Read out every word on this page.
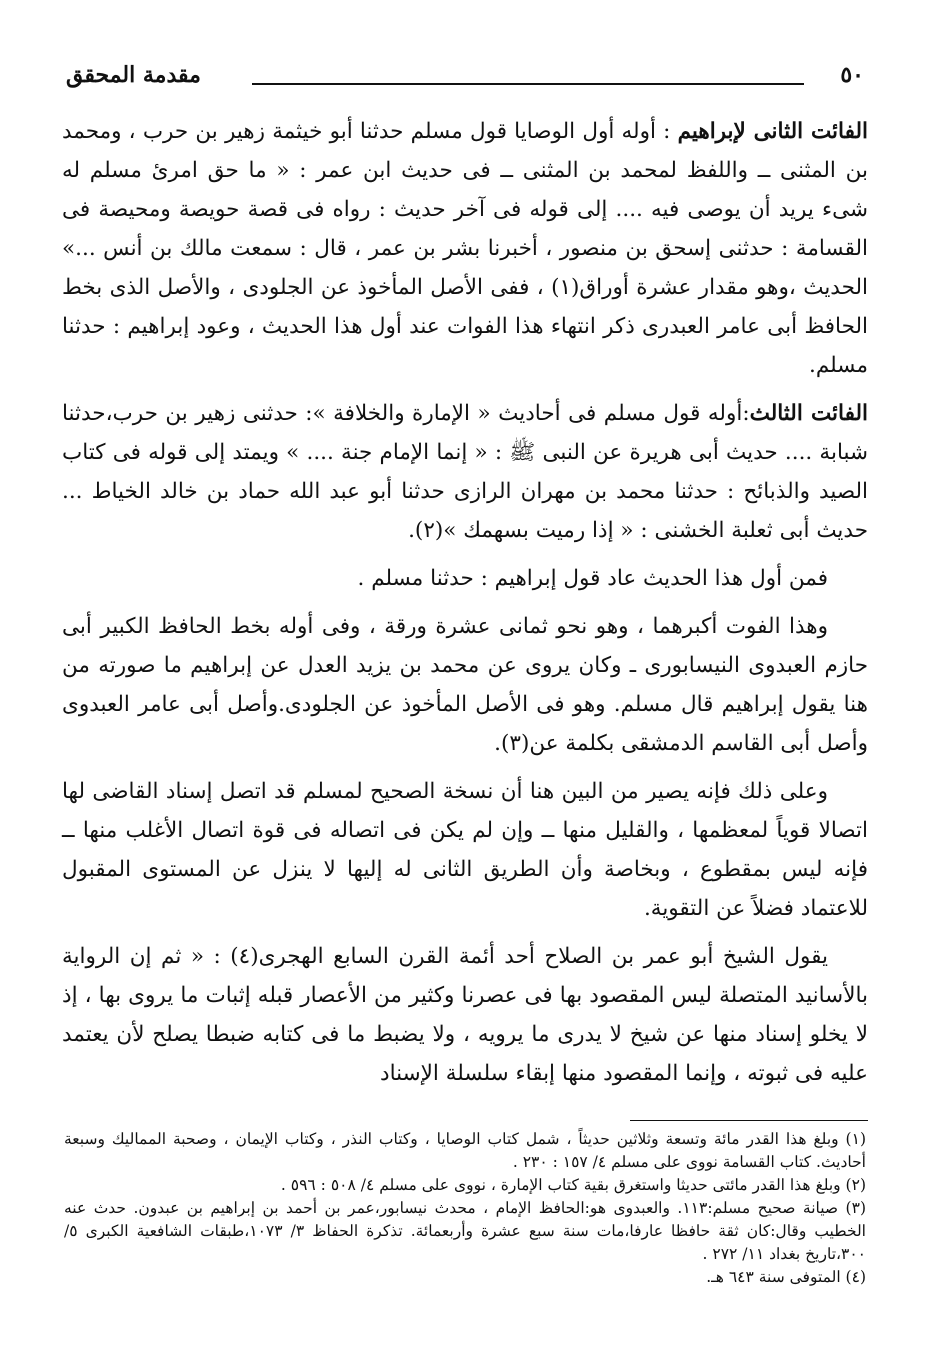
٥٠
مقدمة المحقق

الفائت الثانى لإبراهيم : أوله أول الوصايا قول مسلم حدثنا أبو خيثمة زهير بن حرب ، ومحمد بن المثنى ــ واللفظ لمحمد بن المثنى ــ فى حديث ابن عمر : « ما حق امرئ مسلم له شىء يريد أن يوصى فيه .... إلى قوله فى آخر حديث : رواه فى قصة حويصة ومحيصة فى القسامة : حدثنى إسحق بن منصور ، أخبرنا بشر بن عمر ، قال : سمعت مالك بن أنس ...» الحديث ،وهو مقدار عشرة أوراق(١) ، ففى الأصل المأخوذ عن الجلودى ، والأصل الذى بخط الحافظ أبى عامر العبدرى ذكر انتهاء هذا الفوات عند أول هذا الحديث ، وعود إبراهيم : حدثنا مسلم.

الفائت الثالث:أوله قول مسلم فى أحاديث « الإمارة والخلافة »: حدثنى زهير بن حرب،حدثنا شبابة .... حديث أبى هريرة عن النبى ﷺ : « إنما الإمام جنة .... » ويمتد إلى قوله فى كتاب الصيد والذبائح : حدثنا محمد بن مهران الرازى حدثنا أبو عبد الله حماد بن خالد الخياط ... حديث أبى ثعلبة الخشنى : « إذا رميت بسهمك »(٢).

فمن أول هذا الحديث عاد قول إبراهيم : حدثنا مسلم .

وهذا الفوت أكبرهما ، وهو نحو ثمانى عشرة ورقة ، وفى أوله بخط الحافظ الكبير أبى حازم العبدوى النيسابورى ـ وكان يروى عن محمد بن يزيد العدل عن إبراهيم ما صورته من هنا يقول إبراهيم قال مسلم. وهو فى الأصل المأخوذ عن الجلودى.وأصل أبى عامر العبدوى وأصل أبى القاسم الدمشقى بكلمة عن(٣).

وعلى ذلك فإنه يصير من البين هنا أن نسخة الصحيح لمسلم قد اتصل إسناد القاضى لها اتصالا قوياً لمعظمها ، والقليل منها ــ وإن لم يكن فى اتصاله فى قوة اتصال الأغلب منها ــ فإنه ليس بمقطوع ، وبخاصة وأن الطريق الثانى له إليها لا ينزل عن المستوى المقبول للاعتماد فضلاً عن التقوية.

يقول الشيخ أبو عمر بن الصلاح أحد أئمة القرن السابع الهجرى(٤) : « ثم إن الرواية بالأسانيد المتصلة ليس المقصود بها فى عصرنا وكثير من الأعصار قبله إثبات ما يروى بها ، إذ لا يخلو إسناد منها عن شيخ لا يدرى ما يرويه ، ولا يضبط ما فى كتابه ضبطا يصلح لأن يعتمد عليه فى ثبوته ، وإنما المقصود منها إبقاء سلسلة الإسناد

(١) وبلغ هذا القدر مائة وتسعة وثلاثين حديثاً ، شمل كتاب الوصايا ، وكتاب النذر ، وكتاب الإيمان ، وصحبة المماليك وسبعة أحاديث. كتاب القسامة نووى على مسلم ٤/ ١٥٧ : ٢٣٠ .

(٢) وبلغ هذا القدر مائتى حديثا واستغرق بقية كتاب الإمارة ، نووى على مسلم ٤/ ٥٠٨ : ٥٩٦ .

(٣) صيانة صحيح مسلم:١١٣. والعبدوى هو:الحافظ الإمام ، محدث نيسابور،عمر بن أحمد بن إبراهيم بن عبدون. حدث عنه الخطيب وقال:كان ثقة حافظا عارفا،مات سنة سبع عشرة وأربعمائة. تذكرة الحفاظ ٣/ ١٠٧٣،طبقات الشافعية الكبرى ٥/ ٣٠٠،تاريخ بغداد ١١/ ٢٧٢ .

(٤) المتوفى سنة ٦٤٣ هـ.
